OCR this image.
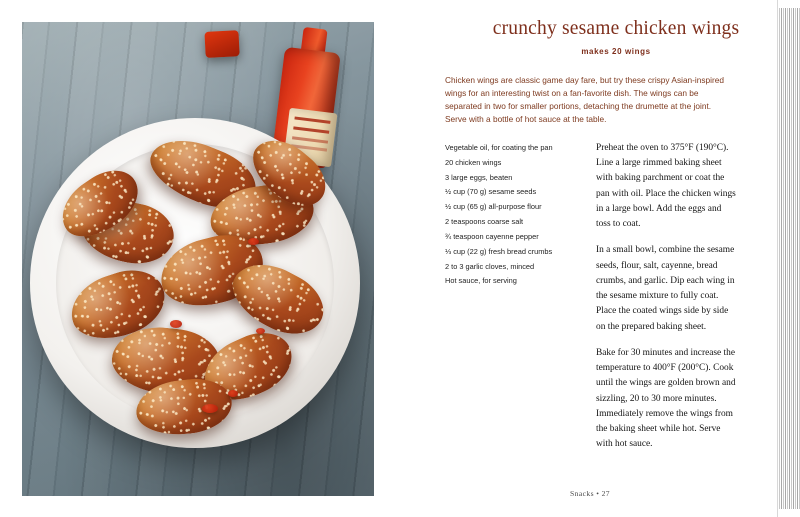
crunchy sesame chicken wings
makes 20 wings
Chicken wings are classic game day fare, but try these crispy Asian-inspired wings for an interesting twist on a fan-favorite dish. The wings can be separated in two for smaller portions, detaching the drumette at the joint. Serve with a bottle of hot sauce at the table.
Vegetable oil, for coating the pan
20 chicken wings
3 large eggs, beaten
½ cup (70 g) sesame seeds
½ cup (65 g) all-purpose flour
2 teaspoons coarse salt
¾ teaspoon cayenne pepper
⅓ cup (22 g) fresh bread crumbs
2 to 3 garlic cloves, minced
Hot sauce, for serving

Preheat the oven to 375°F (190°C). Line a large rimmed baking sheet with baking parchment or coat the pan with oil. Place the chicken wings in a large bowl. Add the eggs and toss to coat.

In a small bowl, combine the sesame seeds, flour, salt, cayenne, bread crumbs, and garlic. Dip each wing in the sesame mixture to fully coat. Place the coated wings side by side on the prepared baking sheet.

Bake for 30 minutes and increase the temperature to 400°F (200°C). Cook until the wings are golden brown and sizzling, 20 to 30 more minutes. Immediately remove the wings from the baking sheet while hot. Serve with hot sauce.

Snacks • 27
